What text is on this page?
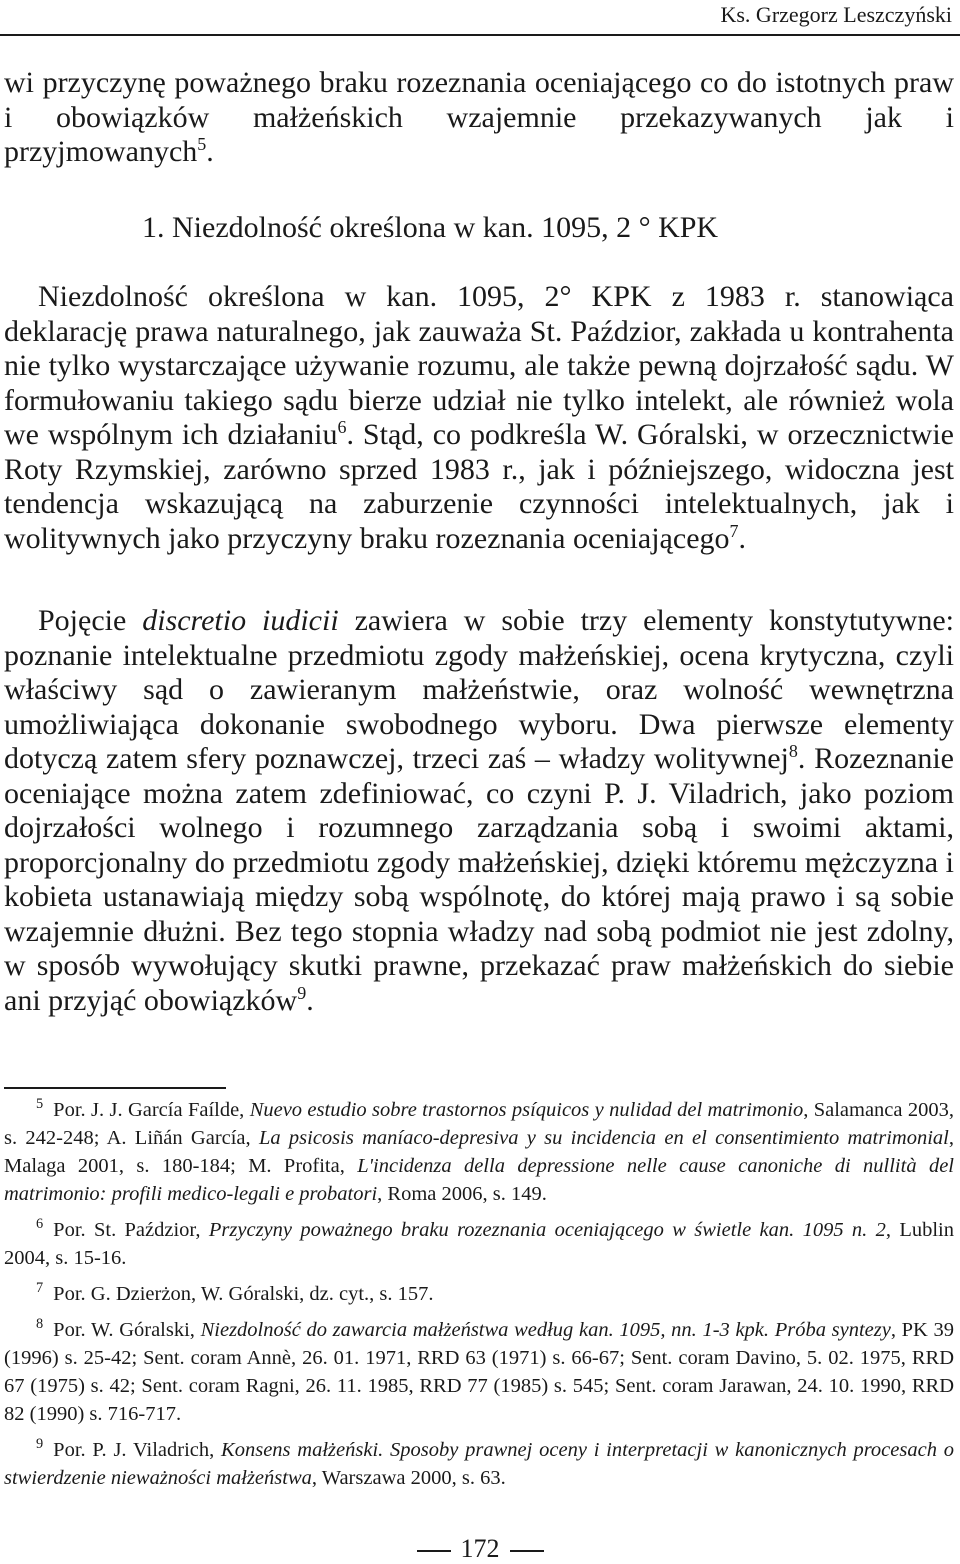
Ks. Grzegorz Leszczyński

wi przyczynę poważnego braku rozeznania oceniającego co do istotnych praw i obowiązków małżeńskich wzajemnie przekazywanych jak i przyjmowanych$^5$.

1. Niezdolność określona w kan. 1095, 2 ° KPK

Niezdolność określona w kan. 1095, 2° KPK z 1983 r. stanowiąca deklarację prawa naturalnego, jak zauważa St. Paździor, zakłada u kontrahenta nie tylko wystarczające używanie rozumu, ale także pewną dojrzałość sądu. W formułowaniu takiego sądu bierze udział nie tylko intelekt, ale również wola we wspólnym ich działaniu$^6$. Stąd, co podkreśla W. Góralski, w orzecznictwie Roty Rzymskiej, zarówno sprzed 1983 r., jak i późniejszego, widoczna jest tendencja wskazującą na zaburzenie czynności intelektualnych, jak i wolitywnych jako przyczyny braku rozeznania oceniającego$^7$.

Pojęcie discretio iudicii zawiera w sobie trzy elementy konstytutywne: poznanie intelektualne przedmiotu zgody małżeńskiej, ocena krytyczna, czyli właściwy sąd o zawieranym małżeństwie, oraz wolność wewnętrzna umożliwiająca dokonanie swobodnego wyboru. Dwa pierwsze elementy dotyczą zatem sfery poznawczej, trzeci zaś – władzy wolitywnej$^8$. Rozeznanie oceniające można zatem zdefiniować, co czyni P. J. Viladrich, jako poziom dojrzałości wolnego i rozumnego zarządzania sobą i swoimi aktami, proporcjonalny do przedmiotu zgody małżeńskiej, dzięki któremu mężczyzna i kobieta ustanawiają między sobą wspólnotę, do której mają prawo i są sobie wzajemnie dłużni. Bez tego stopnia władzy nad sobą podmiot nie jest zdolny, w sposób wywołujący skutki prawne, przekazać praw małżeńskich do siebie ani przyjąć obowiązków$^9$.

$^5$ Por. J. J. García Faílde, Nuevo estudio sobre trastornos psíquicos y nulidad del matrimonio, Salamanca 2003, s. 242-248; A. Liñán García, La psicosis maníaco-depresiva y su incidencia en el consentimiento matrimonial, Malaga 2001, s. 180-184; M. Profita, L'incidenza della depressione nelle cause canoniche di nullità del matrimonio: profili medico-legali e probatori, Roma 2006, s. 149.

$^6$ Por. St. Paździor, Przyczyny poważnego braku rozeznania oceniającego w świetle kan. 1095 n. 2, Lublin 2004, s. 15-16.

$^7$ Por. G. Dzierżon, W. Góralski, dz. cyt., s. 157.

$^8$ Por. W. Góralski, Niezdolność do zawarcia małżeństwa według kan. 1095, nn. 1-3 kpk. Próba syntezy, PK 39 (1996) s. 25-42; Sent. coram Annè, 26. 01. 1971, RRD 63 (1971) s. 66-67; Sent. coram Davino, 5. 02. 1975, RRD 67 (1975) s. 42; Sent. coram Ragni, 26. 11. 1985, RRD 77 (1985) s. 545; Sent. coram Jarawan, 24. 10. 1990, RRD 82 (1990) s. 716-717.

$^9$ Por. P. J. Viladrich, Konsens małżeński. Sposoby prawnej oceny i interpretacji w kanonicznych procesach o stwierdzenie nieważności małżeństwa, Warszawa 2000, s. 63.

172
